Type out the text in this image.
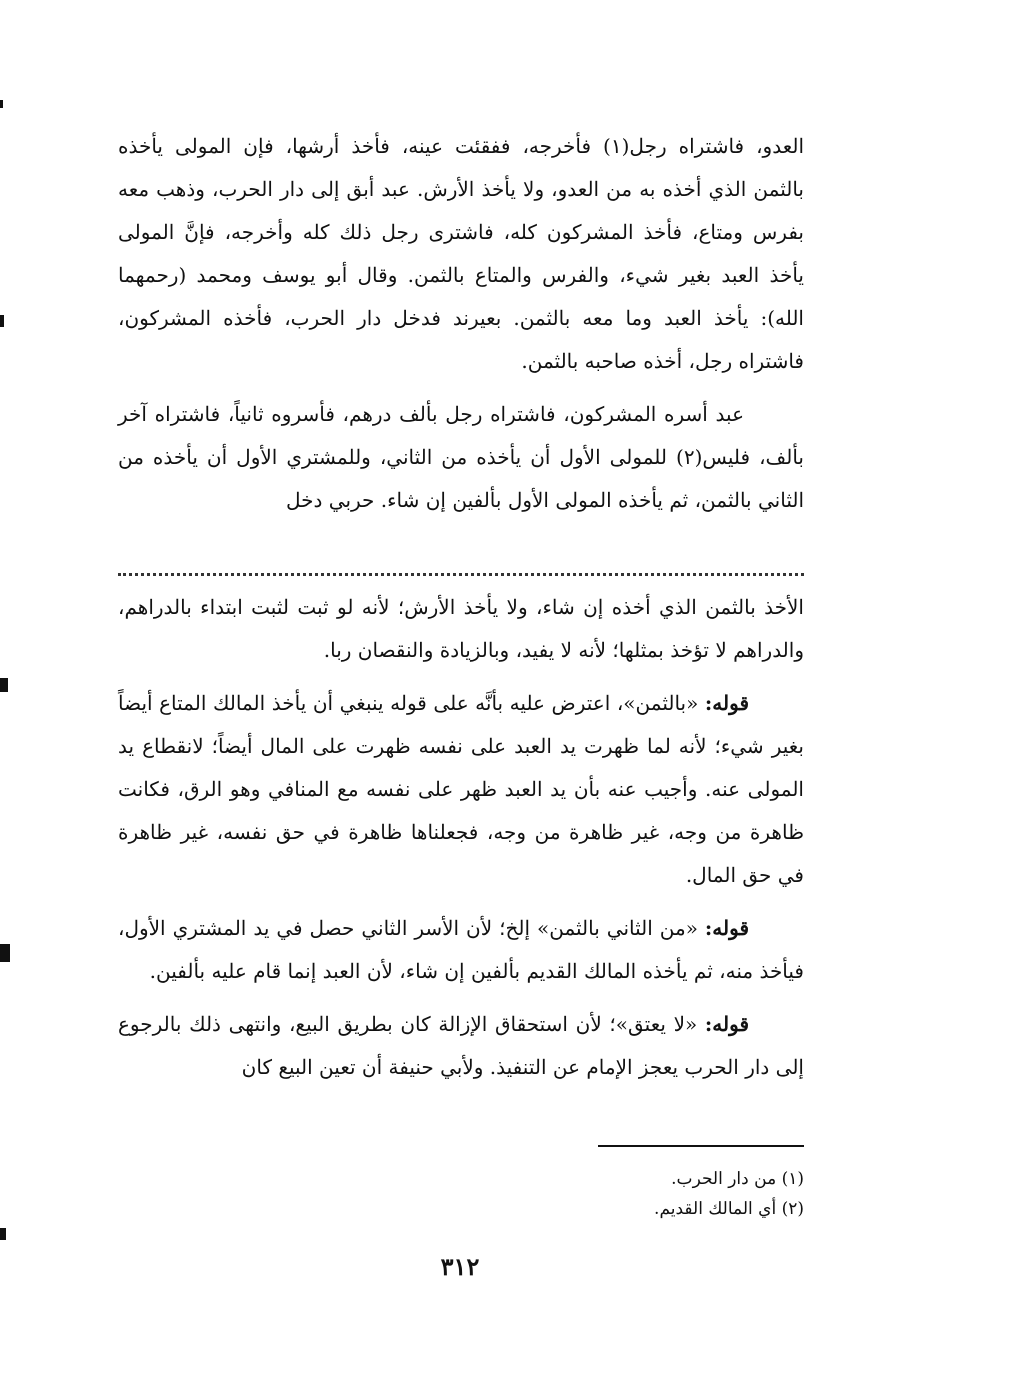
العدو، فاشتراه رجل(١) فأخرجه، ففقئت عينه، فأخذ أرشها، فإن المولى يأخذه بالثمن الذي أخذه به من العدو، ولا يأخذ الأرش. عبد أبق إلى دار الحرب، وذهب معه بفرس ومتاع، فأخذ المشركون كله، فاشترى رجل ذلك كله وأخرجه، فإنَّ المولى يأخذ العبد بغير شيء، والفرس والمتاع بالثمن. وقال أبو يوسف ومحمد (رحمهما الله): يأخذ العبد وما معه بالثمن. بعيرند فدخل دار الحرب، فأخذه المشركون، فاشتراه رجل، أخذه صاحبه بالثمن.

عبد أسره المشركون، فاشتراه رجل بألف درهم، فأسروه ثانياً، فاشتراه آخر بألف، فليس(٢) للمولى الأول أن يأخذه من الثاني، وللمشتري الأول أن يأخذه من الثاني بالثمن، ثم يأخذه المولى الأول بألفين إن شاء. حربي دخل

الأخذ بالثمن الذي أخذه إن شاء، ولا يأخذ الأرش؛ لأنه لو ثبت لثبت ابتداء بالدراهم، والدراهم لا تؤخذ بمثلها؛ لأنه لا يفيد، وبالزيادة والنقصان ربا.

قوله: «بالثمن»، اعترض عليه بأنَّه على قوله ينبغي أن يأخذ المالك المتاع أيضاً بغير شيء؛ لأنه لما ظهرت يد العبد على نفسه ظهرت على المال أيضاً؛ لانقطاع يد المولى عنه. وأجيب عنه بأن يد العبد ظهر على نفسه مع المنافي وهو الرق، فكانت ظاهرة من وجه، غير ظاهرة من وجه، فجعلناها ظاهرة في حق نفسه، غير ظاهرة في حق المال.

قوله: «من الثاني بالثمن» إلخ؛ لأن الأسر الثاني حصل في يد المشتري الأول، فيأخذ منه، ثم يأخذه المالك القديم بألفين إن شاء، لأن العبد إنما قام عليه بألفين.

قوله: «لا يعتق»؛ لأن استحقاق الإزالة كان بطريق البيع، وانتهى ذلك بالرجوع إلى دار الحرب يعجز الإمام عن التنفيذ. ولأبي حنيفة أن تعين البيع كان

(١) من دار الحرب.
(٢) أي المالك القديم.
٣١٢
